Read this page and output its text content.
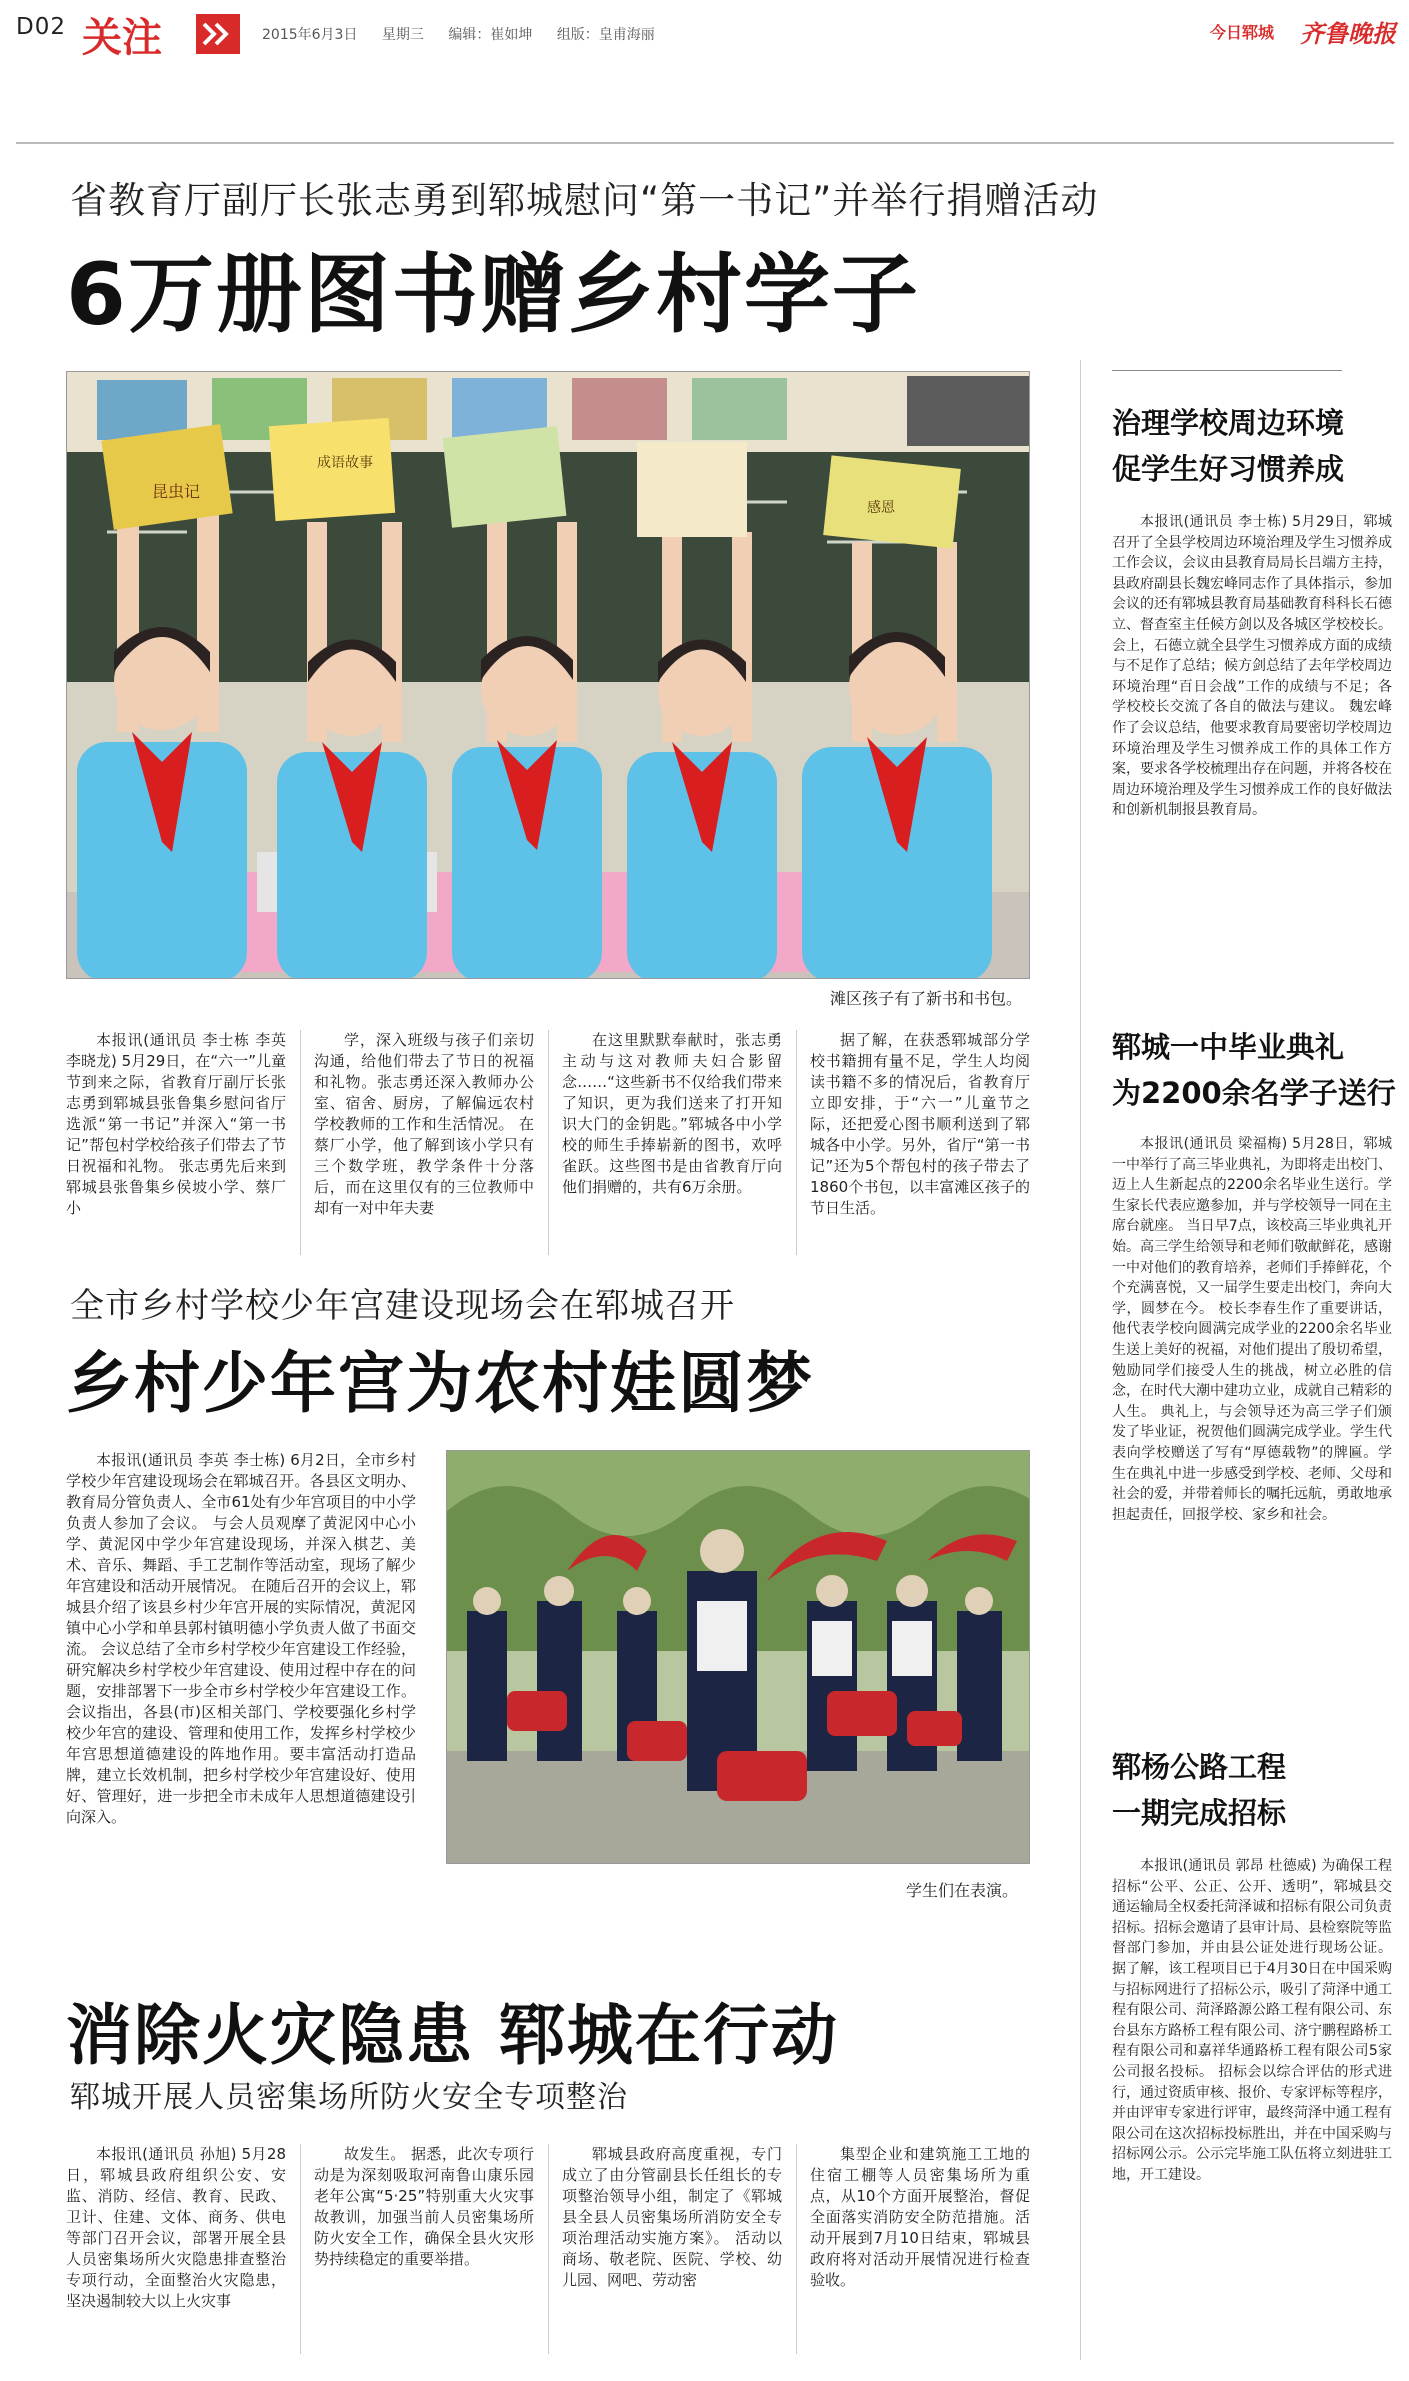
D02 关注	2015年6月3日 星期三 编辑：崔如坤 组版：皇甫海丽	今日郓城 齐鲁晚报
省教育厅副厅长张志勇到郓城慰问“第一书记”并举行捐赠活动
6万册图书赠乡村学子
昆虫记
成语故事
感恩
滩区孩子有了新书和书包。

本报讯(通讯员 李士栋 李英 李晓龙) 5月29日，在“六一”儿童节到来之际，省教育厅副厅长张志勇到郓城县张鲁集乡慰问省厅选派“第一书记”并深入“第一书记”帮包村学校给孩子们带去了节日祝福和礼物。 张志勇先后来到郓城县张鲁集乡侯坡小学、蔡厂小

学，深入班级与孩子们亲切沟通，给他们带去了节日的祝福和礼物。张志勇还深入教师办公室、宿舍、厨房，了解偏远农村学校教师的工作和生活情况。 在蔡厂小学，他了解到该小学只有三个数学班，教学条件十分落后，而在这里仅有的三位教师中却有一对中年夫妻

在这里默默奉献时，张志勇主动与这对教师夫妇合影留念……“这些新书不仅给我们带来了知识，更为我们送来了打开知识大门的金钥匙。”郓城各中小学校的师生手捧崭新的图书，欢呼雀跃。这些图书是由省教育厅向他们捐赠的，共有6万余册。

据了解，在获悉郓城部分学校书籍拥有量不足，学生人均阅读书籍不多的情况后，省教育厅立即安排，于“六一”儿童节之际，还把爱心图书顺利送到了郓城各中小学。另外，省厅“第一书记”还为5个帮包村的孩子带去了1860个书包，以丰富滩区孩子的节日生活。

全市乡村学校少年宫建设现场会在郓城召开
乡村少年宫为农村娃圆梦

本报讯(通讯员 李英 李士栋) 6月2日，全市乡村学校少年宫建设现场会在郓城召开。各县区文明办、教育局分管负责人、全市61处有少年宫项目的中小学负责人参加了会议。 与会人员观摩了黄泥冈中心小学、黄泥冈中学少年宫建设现场，并深入棋艺、美术、音乐、舞蹈、手工艺制作等活动室，现场了解少年宫建设和活动开展情况。 在随后召开的会议上，郓城县介绍了该县乡村少年宫开展的实际情况，黄泥冈镇中心小学和单县郭村镇明德小学负责人做了书面交流。 会议总结了全市乡村学校少年宫建设工作经验，研究解决乡村学校少年宫建设、使用过程中存在的问题，安排部署下一步全市乡村学校少年宫建设工作。 会议指出，各县(市)区相关部门、学校要强化乡村学校少年宫的建设、管理和使用工作，发挥乡村学校少年宫思想道德建设的阵地作用。要丰富活动打造品牌，建立长效机制，把乡村学校少年宫建设好、使用好、管理好，进一步把全市未成年人思想道德建设引向深入。

学生们在表演。
消除火灾隐患 郓城在行动
郓城开展人员密集场所防火安全专项整治

本报讯(通讯员 孙旭) 5月28日，郓城县政府组织公安、安监、消防、经信、教育、民政、卫计、住建、文体、商务、供电等部门召开会议，部署开展全县人员密集场所火灾隐患排查整治专项行动，全面整治火灾隐患，坚决遏制较大以上火灾事

故发生。 据悉，此次专项行动是为深刻吸取河南鲁山康乐园老年公寓“5·25”特别重大火灾事故教训，加强当前人员密集场所防火安全工作，确保全县火灾形势持续稳定的重要举措。

郓城县政府高度重视，专门成立了由分管副县长任组长的专项整治领导小组，制定了《郓城县全县人员密集场所消防安全专项治理活动实施方案》。 活动以商场、敬老院、医院、学校、幼儿园、网吧、劳动密

集型企业和建筑施工工地的住宿工棚等人员密集场所为重点，从10个方面开展整治，督促全面落实消防安全防范措施。活动开展到7月10日结束，郓城县政府将对活动开展情况进行检查验收。

治理学校周边环境
促学生好习惯养成

本报讯(通讯员 李士栋) 5月29日，郓城召开了全县学校周边环境治理及学生习惯养成工作会议，会议由县教育局局长吕端方主持，县政府副县长魏宏峰同志作了具体指示，参加会议的还有郓城县教育局基础教育科科长石德立、督查室主任候方剑以及各城区学校校长。 会上，石德立就全县学生习惯养成方面的成绩与不足作了总结；候方剑总结了去年学校周边环境治理“百日会战”工作的成绩与不足；各学校校长交流了各自的做法与建议。 魏宏峰作了会议总结，他要求教育局要密切学校周边环境治理及学生习惯养成工作的具体工作方案，要求各学校梳理出存在问题，并将各校在周边环境治理及学生习惯养成工作的良好做法和创新机制报县教育局。

郓城一中毕业典礼
为2200余名学子送行

本报讯(通讯员 梁福梅) 5月28日，郓城一中举行了高三毕业典礼，为即将走出校门、迈上人生新起点的2200余名毕业生送行。学生家长代表应邀参加，并与学校领导一同在主席台就座。 当日早7点，该校高三毕业典礼开始。高三学生给领导和老师们敬献鲜花，感谢一中对他们的教育培养，老师们手捧鲜花，个个充满喜悦，又一届学生要走出校门，奔向大学，圆梦在今。 校长李春生作了重要讲话，他代表学校向圆满完成学业的2200余名毕业生送上美好的祝福，对他们提出了殷切希望，勉励同学们接受人生的挑战，树立必胜的信念，在时代大潮中建功立业，成就自己精彩的人生。 典礼上，与会领导还为高三学子们颁发了毕业证，祝贺他们圆满完成学业。学生代表向学校赠送了写有“厚德载物”的牌匾。学生在典礼中进一步感受到学校、老师、父母和社会的爱，并带着师长的嘱托远航，勇敢地承担起责任，回报学校、家乡和社会。

郓杨公路工程
一期完成招标

本报讯(通讯员 郭昂 杜德威) 为确保工程招标“公平、公正、公开、透明”，郓城县交通运输局全权委托菏泽诚和招标有限公司负责招标。招标会邀请了县审计局、县检察院等监督部门参加，并由县公证处进行现场公证。 据了解，该工程项目已于4月30日在中国采购与招标网进行了招标公示，吸引了菏泽中通工程有限公司、菏泽路源公路工程有限公司、东台县东方路桥工程有限公司、济宁鹏程路桥工程有限公司和嘉祥华通路桥工程有限公司5家公司报名投标。 招标会以综合评估的形式进行，通过资质审核、报价、专家评标等程序，并由评审专家进行评审，最终菏泽中通工程有限公司在这次招标投标胜出，并在中国采购与招标网公示。公示完毕施工队伍将立刻进驻工地，开工建设。
